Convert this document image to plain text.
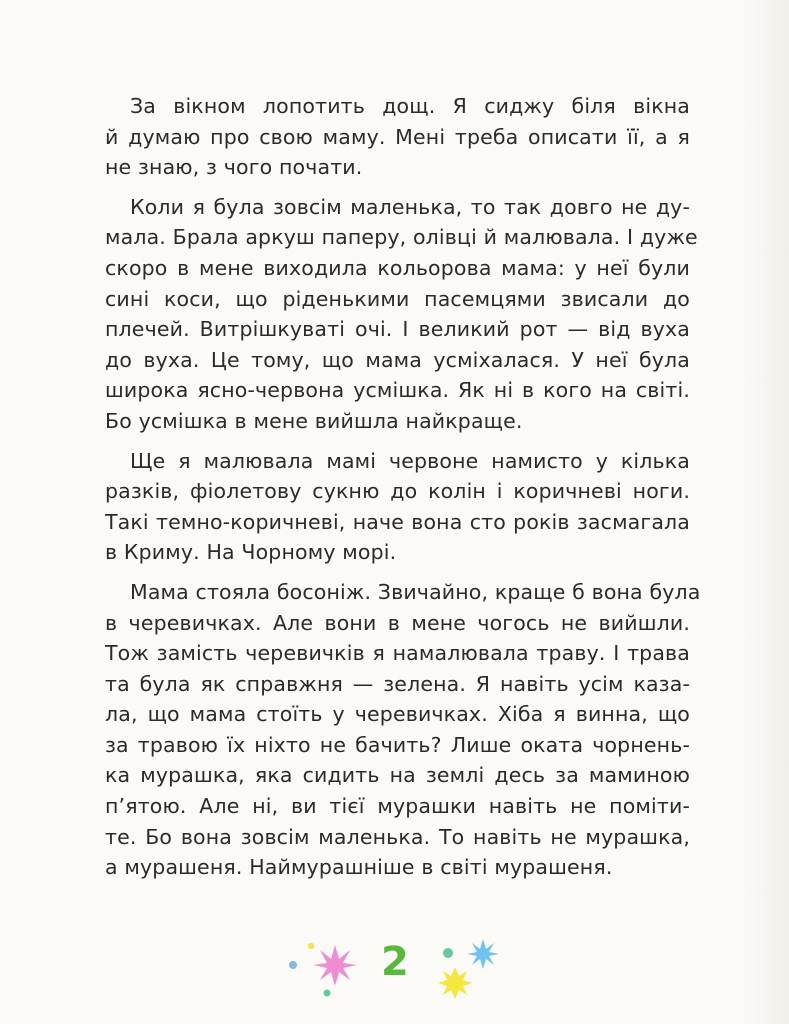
За вікном лопотить дощ. Я сиджу біля вікна
й думаю про свою маму. Мені треба описати її, а я
не знаю, з чого почати.

Коли я була зовсім маленька, то так довго не ду-
мала. Брала аркуш паперу, олівці й малювала. І дуже
скоро в мене виходила кольорова мама: у неї були
сині коси, що ріденькими пасемцями звисали до
плечей. Витрішкуваті очі. І великий рот — від вуха
до вуха. Це тому, що мама усміхалася. У неї була
широка ясно-червона усмішка. Як ні в кого на світі.
Бо усмішка в мене вийшла найкраще.

Ще я малювала мамі червоне намисто у кілька
разків, фіолетову сукню до колін і коричневі ноги.
Такі темно-коричневі, наче вона сто років засмагала
в Криму. На Чорному морі.

Мама стояла босоніж. Звичайно, краще б вона була
в черевичках. Але вони в мене чогось не вийшли.
Тож замість черевичків я намалювала траву. І трава
та була як справжня — зелена. Я навіть усім каза-
ла, що мама стоїть у черевичках. Хіба я винна, що
за травою їх ніхто не бачить? Лише оката чорнень-
ка мурашка, яка сидить на землі десь за маминою
п’ятою. Але ні, ви тієї мурашки навіть не поміти-
те. Бо вона зовсім маленька. То навіть не мурашка,
а мурашеня. Наймурашніше в світі мурашеня.

2
